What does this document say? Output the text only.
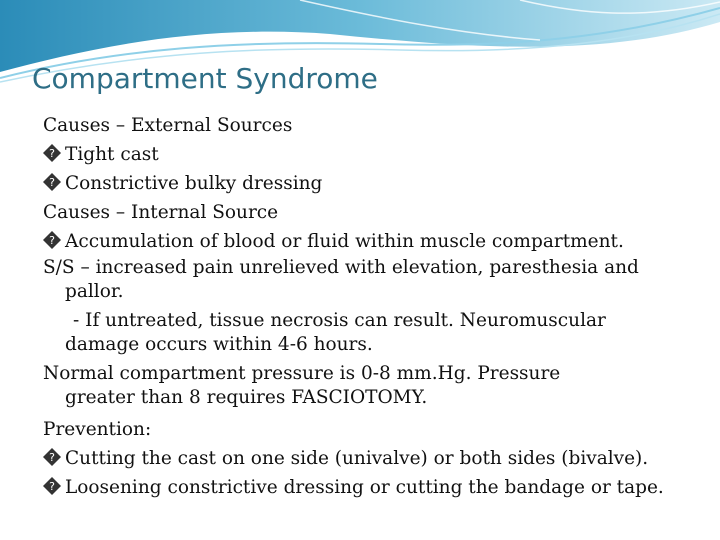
Compartment Syndrome
Causes – External Sources
? Tight cast
? Constrictive bulky dressing
Causes – Internal Source
? Accumulation of blood or fluid within muscle compartment.
S/S – increased pain unrelieved with elevation, paresthesia and
pallor.
- If untreated, tissue necrosis can result. Neuromuscular
damage occurs within 4-6 hours.
Normal compartment pressure is 0-8 mm.Hg. Pressure
greater than 8 requires FASCIOTOMY.
Prevention:
? Cutting the cast on one side (univalve) or both sides (bivalve).
? Loosening constrictive dressing or cutting the bandage or tape.
